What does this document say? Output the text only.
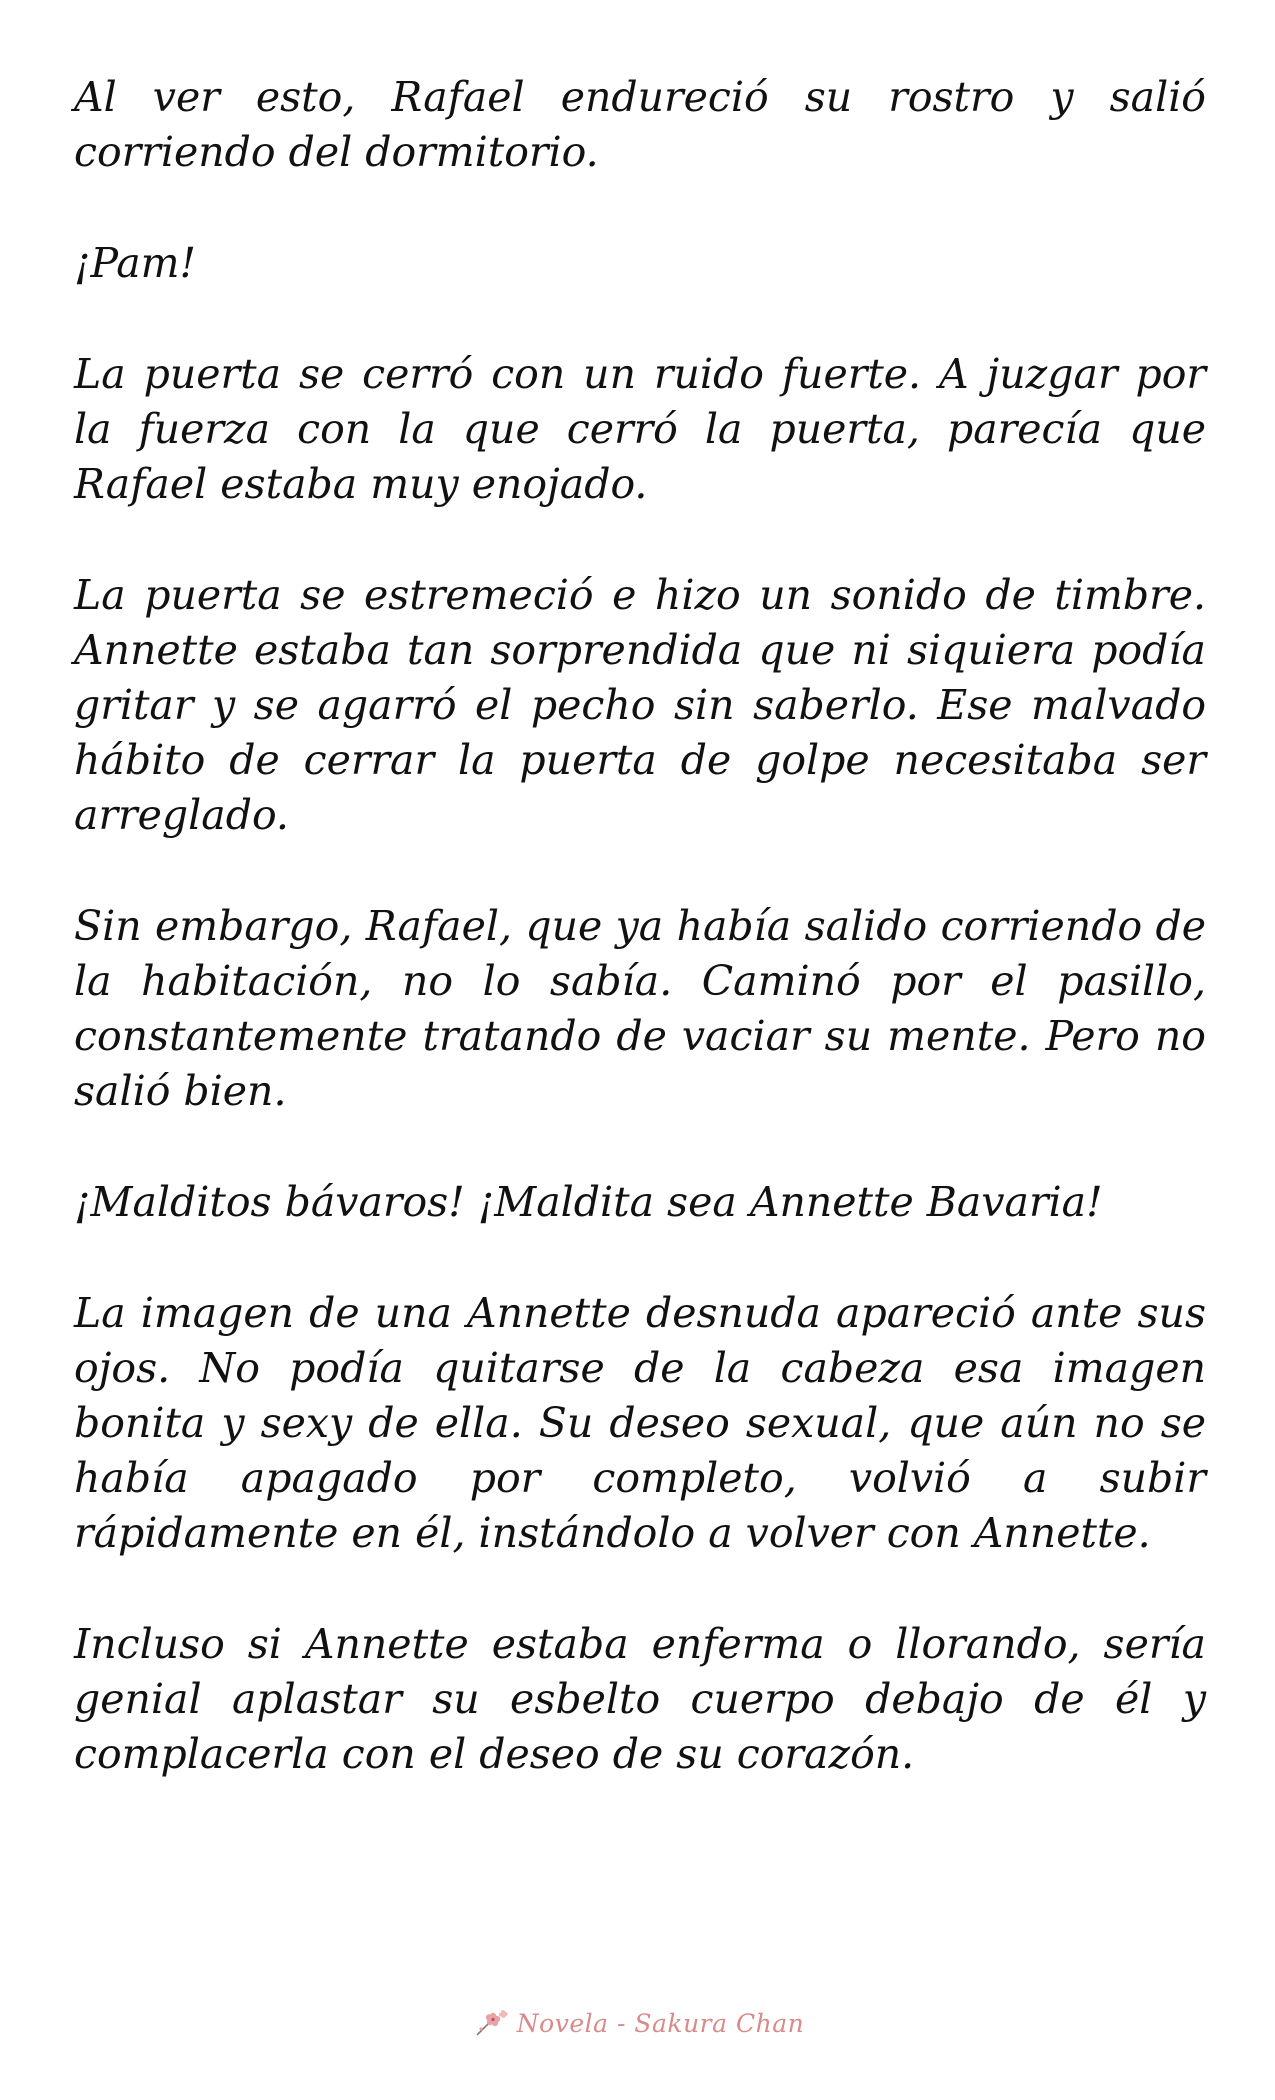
Al ver esto, Rafael endureció su rostro y salió corriendo del dormitorio.

¡Pam!

La puerta se cerró con un ruido fuerte. A juzgar por la fuerza con la que cerró la puerta, parecía que Rafael estaba muy enojado.

La puerta se estremeció e hizo un sonido de timbre. Annette estaba tan sorprendida que ni siquiera podía gritar y se agarró el pecho sin saberlo. Ese malvado hábito de cerrar la puerta de golpe necesitaba ser arreglado.

Sin embargo, Rafael, que ya había salido corriendo de la habitación, no lo sabía. Caminó por el pasillo, constantemente tratando de vaciar su mente. Pero no salió bien.

¡Malditos bávaros! ¡Maldita sea Annette Bavaria!

La imagen de una Annette desnuda apareció ante sus ojos. No podía quitarse de la cabeza esa imagen bonita y sexy de ella. Su deseo sexual, que aún no se había apagado por completo, volvió a subir rápidamente en él, instándolo a volver con Annette.

Incluso si Annette estaba enferma o llorando, sería genial aplastar su esbelto cuerpo debajo de él y complacerla con el deseo de su corazón.

Novela - Sakura Chan
